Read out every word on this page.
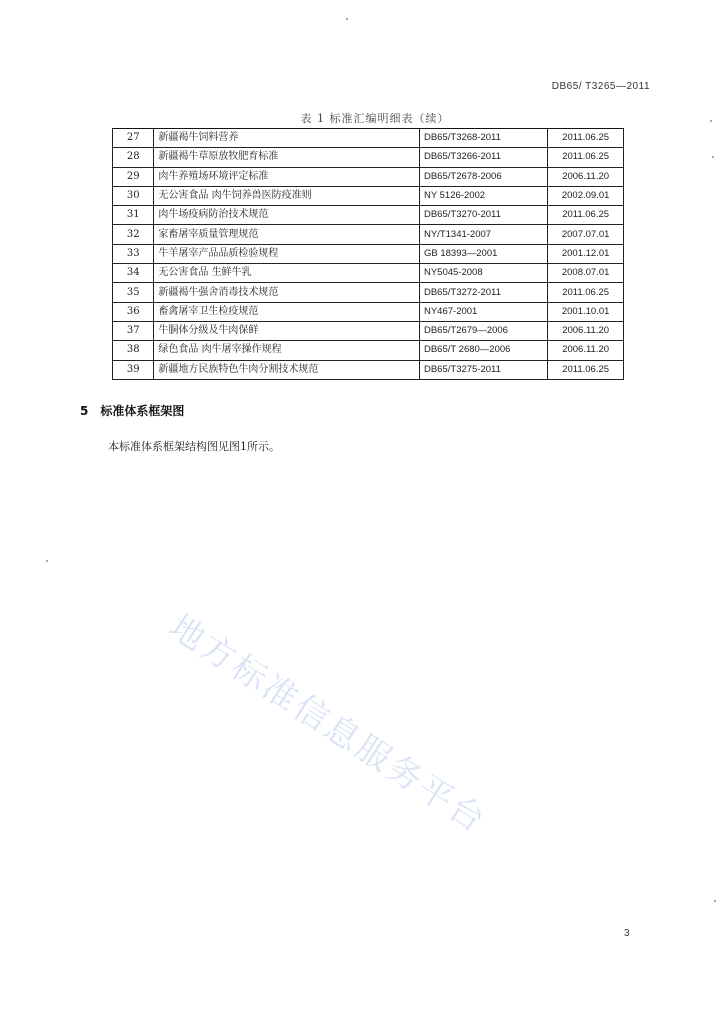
DB65/ T3265—2011
表 1 标准汇编明细表（续）
27	新疆褐牛饲料营养	DB65/T3268-2011	2011.06.25
28	新疆褐牛草原放牧肥育标准	DB65/T3266-2011	2011.06.25
29	肉牛养殖场环境评定标准	DB65/T2678-2006	2006.11.20
30	无公害食品 肉牛饲养兽医防疫准则	NY 5126-2002	2002.09.01
31	肉牛场疫病防治技术规范	DB65/T3270-2011	2011.06.25
32	家畜屠宰质量管理规范	NY/T1341-2007	2007.07.01
33	牛羊屠宰产品品质检验规程	GB 18393—2001	2001.12.01
34	无公害食品 生鲜牛乳	NY5045-2008	2008.07.01
35	新疆褐牛强舍消毒技术规范	DB65/T3272-2011	2011.06.25
36	畜禽屠宰卫生检疫规范	NY467-2001	2001.10.01
37	牛胴体分级及牛肉保鲜	DB65/T2679—2006	2006.11.20
38	绿色食品 肉牛屠宰操作规程	DB65/T 2680—2006	2006.11.20
39	新疆地方民族特色牛肉分割技术规范	DB65/T3275-2011	2011.06.25
5 标准体系框架图
本标准体系框架结构图见图1所示。
地方标准信息服务平台
3
